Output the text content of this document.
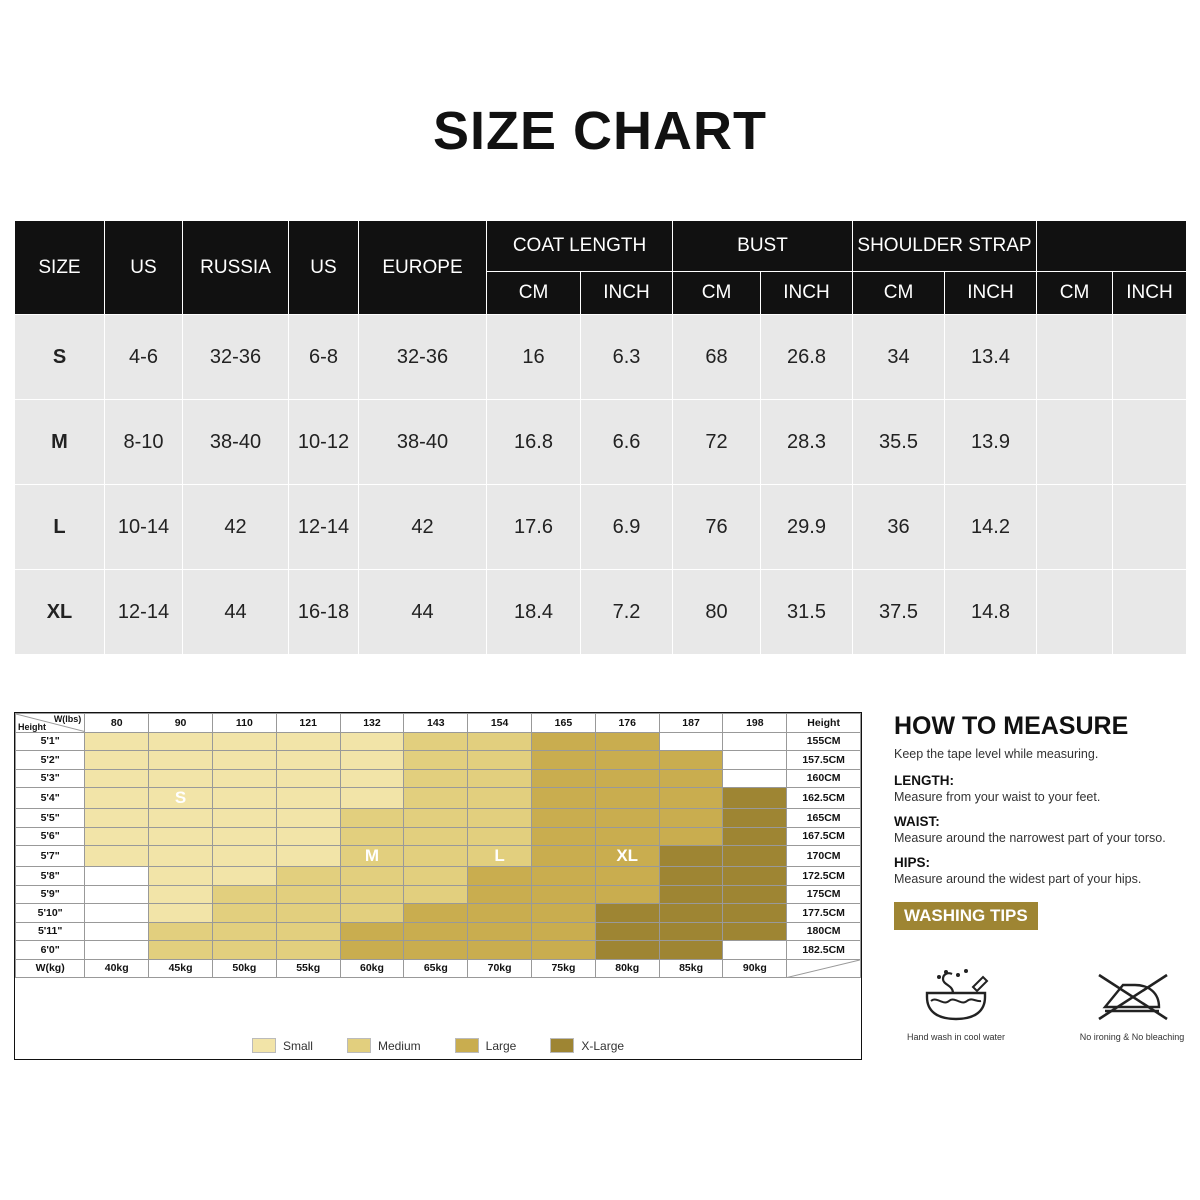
SIZE CHART
SIZE	US	RUSSIA	US	EUROPE	COAT LENGTH		BUST		SHOULDER STRAP			
					CM	INCH	CM	INCH	CM	INCH	CM	INCH
S	4-6	32-36	6-8	32-36	16	6.3	68	26.8	34	13.4		
M	8-10	38-40	10-12	38-40	16.8	6.6	72	28.3	35.5	13.9		
L	10-14	42	12-14	42	17.6	6.9	76	29.9	36	14.2		
XL	12-14	44	16-18	44	18.4	7.2	80	31.5	37.5	14.8		
W(lbs)
Height	80	90	110	121	132	143	154	165	176	187	198	Height
5'1"												155CM
5'2"												157.5CM
5'3"												160CM
5'4"		S										162.5CM
5'5"												165CM
5'6"												167.5CM
5'7"					M		L		XL			170CM
5'8"												172.5CM
5'9"												175CM
5'10"												177.5CM
5'11"												180CM
6'0"												182.5CM
W(kg)	40kg	45kg	50kg	55kg	60kg	65kg	70kg	75kg	80kg	85kg	90kg	
Small	Medium	Large	X-Large
HOW TO MEASURE
Keep the tape level while measuring.
LENGTH:
Measure from your waist to your feet.
WAIST:
Measure around the narrowest part of your torso.
HIPS:
Measure around the widest part of your hips.
WASHING TIPS
Hand wash in cool water	No ironing & No bleaching
